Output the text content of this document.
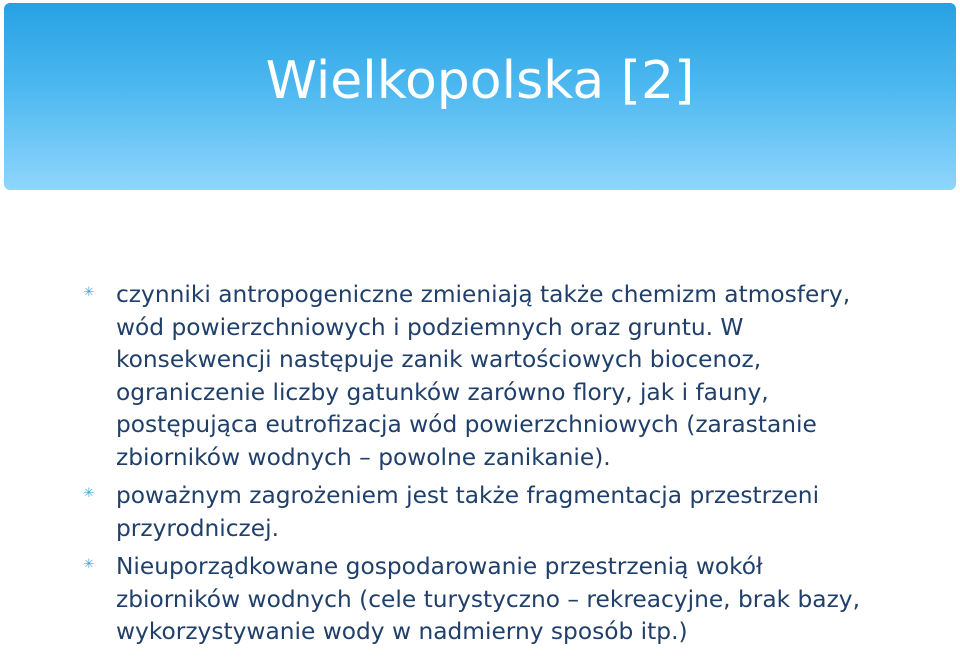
Wielkopolska [2]
✳ czynniki antropogeniczne zmieniają także chemizm atmosfery,
wód powierzchniowych i podziemnych oraz gruntu. W
konsekwencji następuje zanik wartościowych biocenoz,
ograniczenie liczby gatunków zarówno flory, jak i fauny,
postępująca eutrofizacja wód powierzchniowych (zarastanie
zbiorników wodnych – powolne zanikanie).
✳ poważnym zagrożeniem jest także fragmentacja przestrzeni
przyrodniczej.
✳ Nieuporządkowane gospodarowanie przestrzenią wokół
zbiorników wodnych (cele turystyczno – rekreacyjne, brak bazy,
wykorzystywanie wody w nadmierny sposób itp.)
